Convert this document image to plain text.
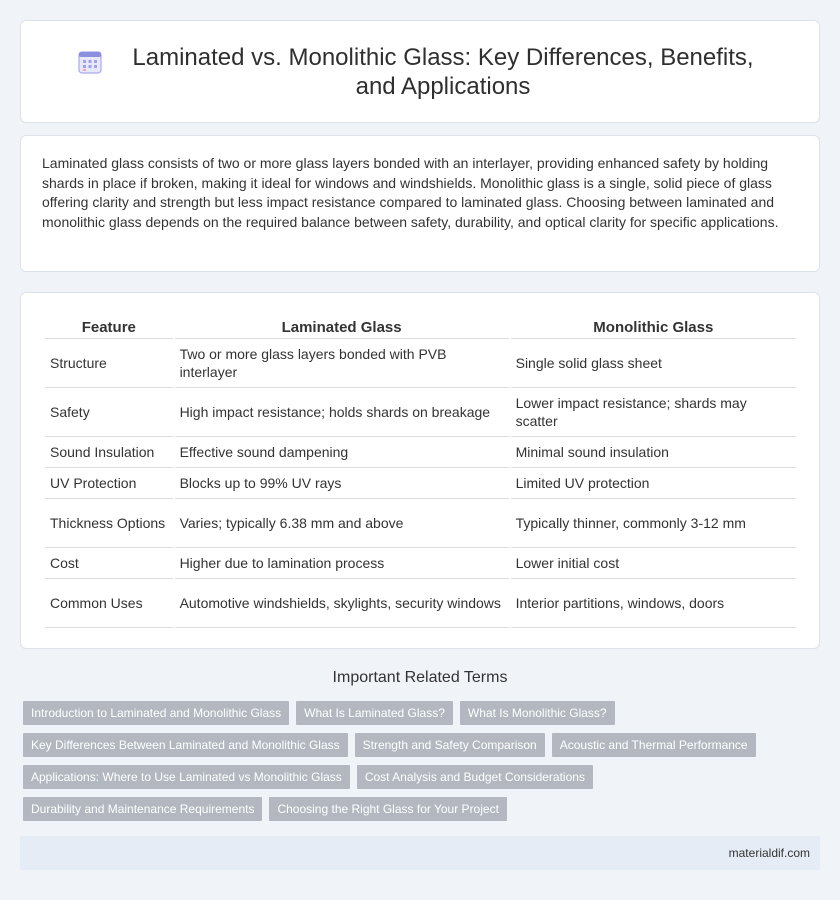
Laminated vs. Monolithic Glass: Key Differences, Benefits, and Applications

Laminated glass consists of two or more glass layers bonded with an interlayer, providing enhanced safety by holding shards in place if broken, making it ideal for windows and windshields. Monolithic glass is a single, solid piece of glass offering clarity and strength but less impact resistance compared to laminated glass. Choosing between laminated and monolithic glass depends on the required balance between safety, durability, and optical clarity for specific applications.

Feature	Laminated Glass	Monolithic Glass
Structure	Two or more glass layers bonded with PVB interlayer	Single solid glass sheet
Safety	High impact resistance; holds shards on breakage	Lower impact resistance; shards may scatter
Sound Insulation	Effective sound dampening	Minimal sound insulation
UV Protection	Blocks up to 99% UV rays	Limited UV protection
Thickness Options	Varies; typically 6.38 mm and above	Typically thinner, commonly 3-12 mm
Cost	Higher due to lamination process	Lower initial cost
Common Uses	Automotive windshields, skylights, security windows	Interior partitions, windows, doors
Important Related Terms
Introduction to Laminated and Monolithic Glass	What Is Laminated Glass?	What Is Monolithic Glass?
Key Differences Between Laminated and Monolithic Glass	Strength and Safety Comparison	Acoustic and Thermal Performance
Applications: Where to Use Laminated vs Monolithic Glass	Cost Analysis and Budget Considerations
Durability and Maintenance Requirements	Choosing the Right Glass for Your Project
materialdif.com
